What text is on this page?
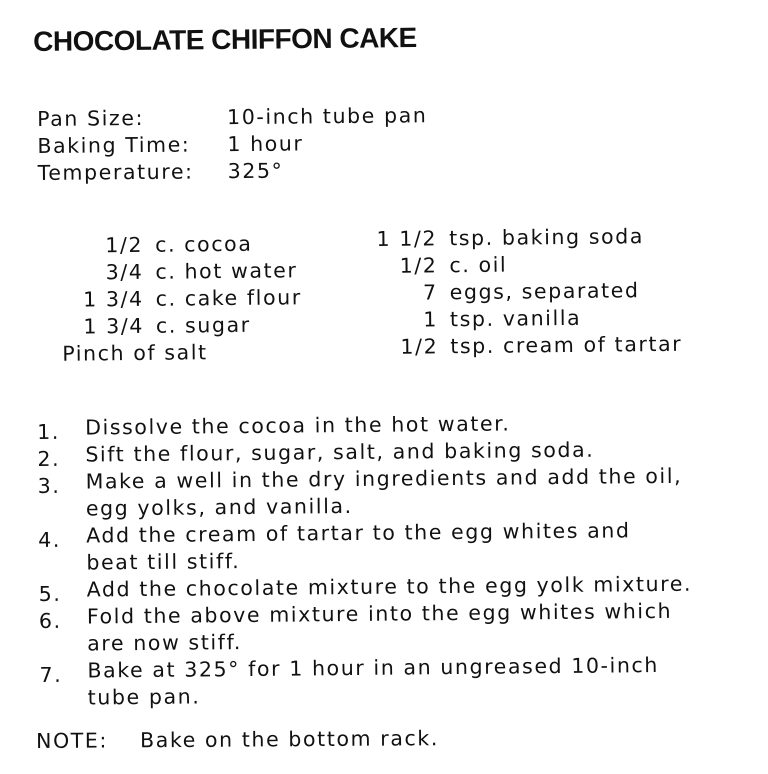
CHOCOLATE CHIFFON CAKE
Pan Size:	10-inch tube pan
Baking Time: 1 hour
Temperature: 325°
1/2 c. cocoa
3/4 c. hot water
1 3/4 c. cake flour
1 3/4 c. sugar
Pinch of salt
1 1/2 tsp. baking soda
1/2 c. oil
7 eggs, separated
1 tsp. vanilla
1/2 tsp. cream of tartar
1. Dissolve the cocoa in the hot water.
2. Sift the flour, sugar, salt, and baking soda.
3. Make a well in the dry ingredients and add the oil,
egg yolks, and vanilla.
4. Add the cream of tartar to the egg whites and
beat till stiff.
5. Add the chocolate mixture to the egg yolk mixture.
6. Fold the above mixture into the egg whites which
are now stiff.
7. Bake at 325° for 1 hour in an ungreased 10-inch
tube pan.
NOTE: Bake on the bottom rack.
